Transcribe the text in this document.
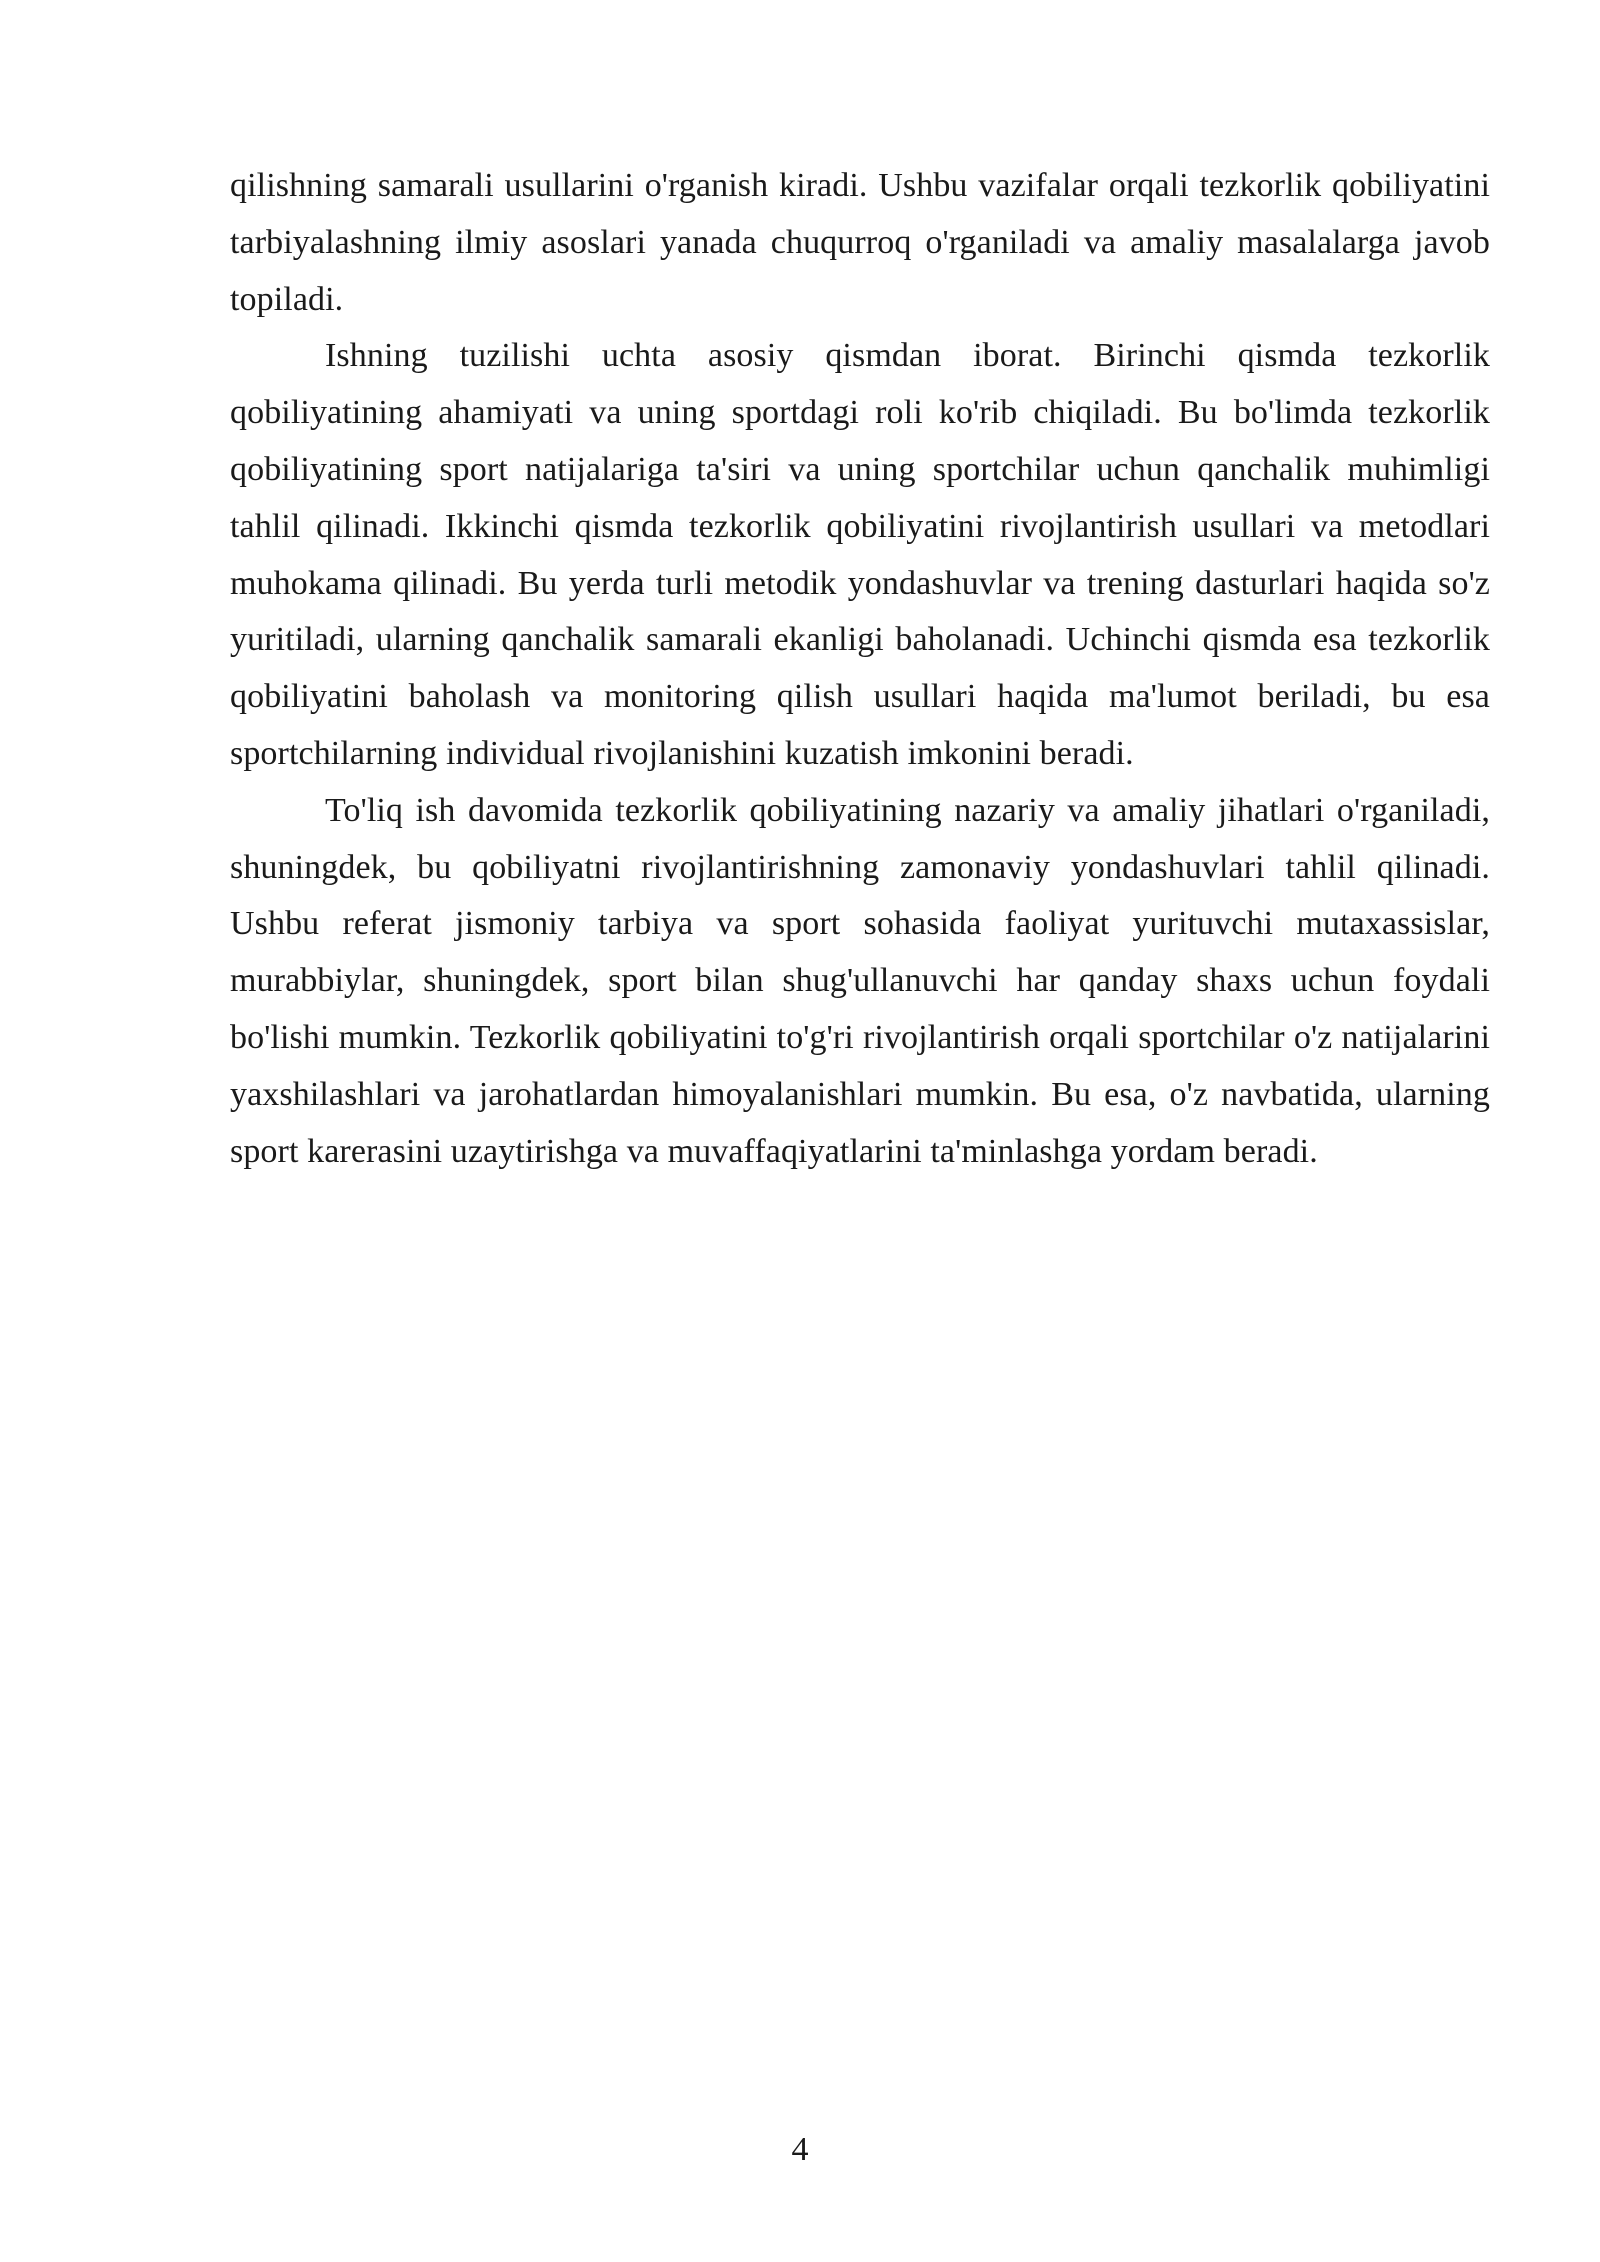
qilishning samarali usullarini o'rganish kiradi. Ushbu vazifalar orqali tezkorlik qobiliyatini tarbiyalashning ilmiy asoslari yanada chuqurroq o'rganiladi va amaliy masalalarga javob topiladi.

Ishning tuzilishi uchta asosiy qismdan iborat. Birinchi qismda tezkorlik qobiliyatining ahamiyati va uning sportdagi roli ko'rib chiqiladi. Bu bo'limda tezkorlik qobiliyatining sport natijalariga ta'siri va uning sportchilar uchun qanchalik muhimligi tahlil qilinadi. Ikkinchi qismda tezkorlik qobiliyatini rivojlantirish usullari va metodlari muhokama qilinadi. Bu yerda turli metodik yondashuvlar va trening dasturlari haqida so'z yuritiladi, ularning qanchalik samarali ekanligi baholanadi. Uchinchi qismda esa tezkorlik qobiliyatini baholash va monitoring qilish usullari haqida ma'lumot beriladi, bu esa sportchilarning individual rivojlanishini kuzatish imkonini beradi.

To'liq ish davomida tezkorlik qobiliyatining nazariy va amaliy jihatlari o'rganiladi, shuningdek, bu qobiliyatni rivojlantirishning zamonaviy yondashuvlari tahlil qilinadi. Ushbu referat jismoniy tarbiya va sport sohasida faoliyat yurituvchi mutaxassislar, murabbiylar, shuningdek, sport bilan shug'ullanuvchi har qanday shaxs uchun foydali bo'lishi mumkin. Tezkorlik qobiliyatini to'g'ri rivojlantirish orqali sportchilar o'z natijalarini yaxshilashlari va jarohatlardan himoyalanishlari mumkin. Bu esa, o'z navbatida, ularning sport karerasini uzaytirishga va muvaffaqiyatlarini ta'minlashga yordam beradi.

4
